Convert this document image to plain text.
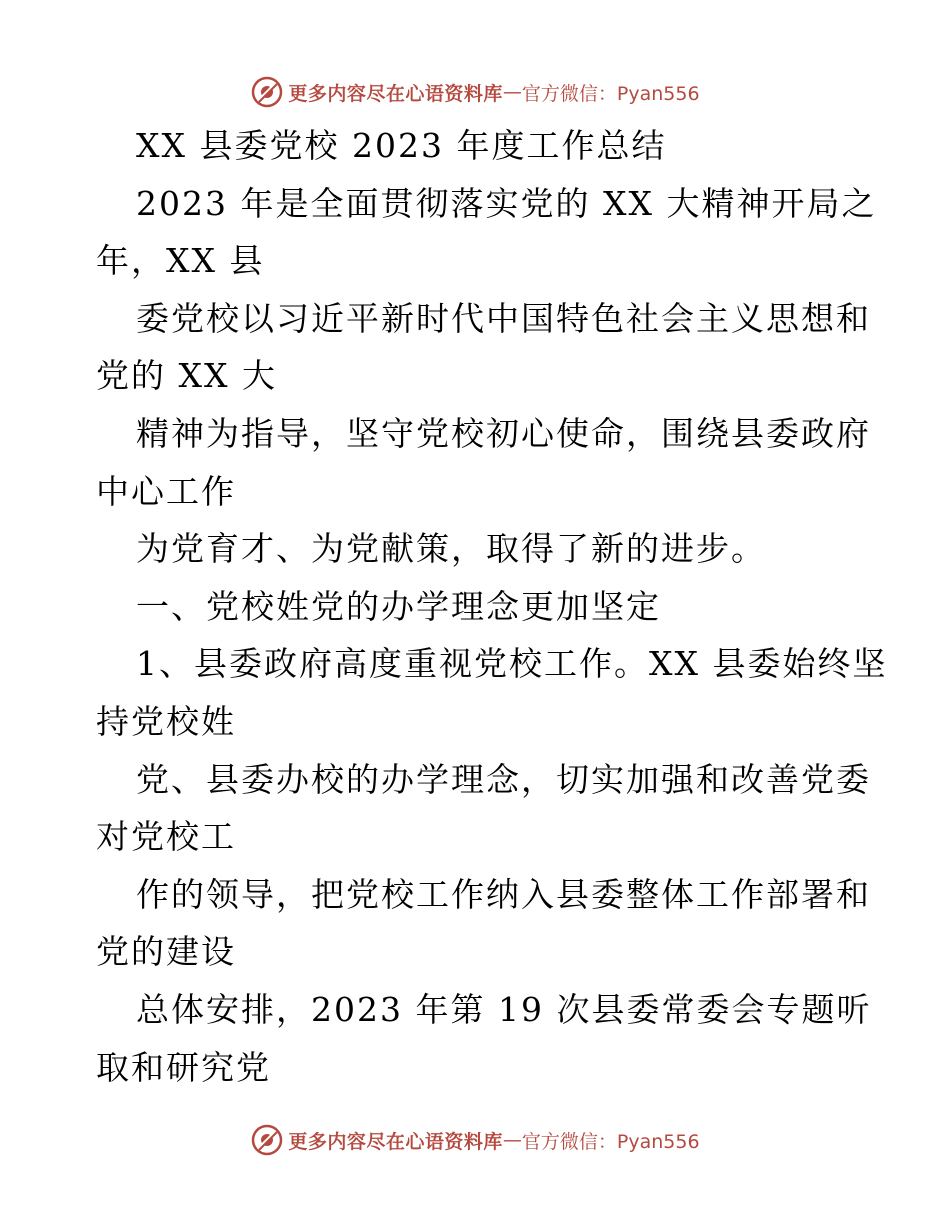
更多内容尽在心语资料库 — 官方微信：Pyan556
XX 县委党校 2023 年度工作总结
2023 年是全面贯彻落实党的 XX 大精神开局之
年，XX 县
委党校以习近平新时代中国特色社会主义思想和
党的 XX 大
精神为指导，坚守党校初心使命，围绕县委政府
中心工作
为党育才、为党献策，取得了新的进步。
一、党校姓党的办学理念更加坚定
1、县委政府高度重视党校工作。XX 县委始终坚
持党校姓
党、县委办校的办学理念，切实加强和改善党委
对党校工
作的领导，把党校工作纳入县委整体工作部署和
党的建设
总体安排，2023 年第 19 次县委常委会专题听
取和研究党
更多内容尽在心语资料库 — 官方微信：Pyan556
